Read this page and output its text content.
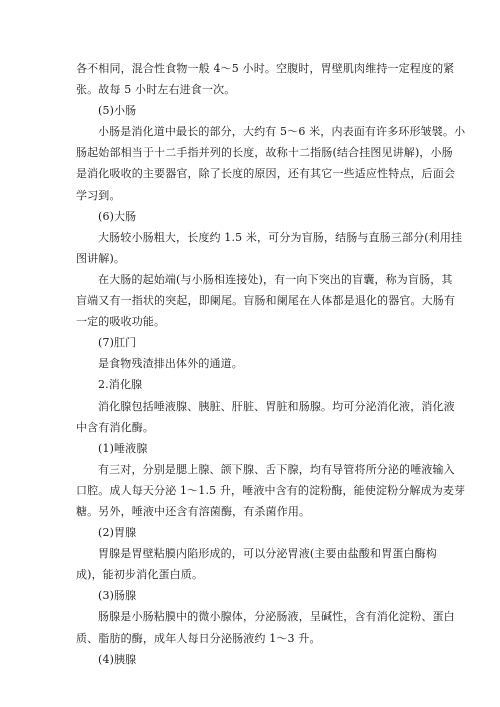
各不相同，混合性食物一般 4～5 小时。空腹时，胃壁肌肉维持一定程度的紧
张。故每 5 小时左右进食一次。
(5)小肠
小肠是消化道中最长的部分，大约有 5～6 米，内表面有许多环形皱襞。小
肠起始部相当于十二手指并列的长度，故称十二指肠(结合挂图见讲解)，小肠
是消化吸收的主要器官，除了长度的原因，还有其它一些适应性特点，后面会
学习到。
(6)大肠
大肠较小肠粗大，长度约 1.5 米，可分为盲肠，结肠与直肠三部分(利用挂
图讲解)。
在大肠的起始端(与小肠相连接处)，有一向下突出的盲囊，称为盲肠，其
盲端又有一指状的突起，即阑尾。盲肠和阑尾在人体都是退化的器官。大肠有
一定的吸收功能。
(7)肛门
是食物残渣排出体外的通道。
2.消化腺
消化腺包括唾液腺、胰脏、肝脏、胃脏和肠腺。均可分泌消化液，消化液
中含有消化酶。
(1)唾液腺
有三对，分别是腮上腺、颌下腺、舌下腺，均有导管将所分泌的唾液输入
口腔。成人每天分泌 1～1.5 升，唾液中含有的淀粉酶，能使淀粉分解成为麦芽
糖。另外，唾液中还含有溶菌酶，有杀菌作用。
(2)胃腺
胃腺是胃壁粘膜内陷形成的，可以分泌胃液(主要由盐酸和胃蛋白酶构
成)，能初步消化蛋白质。
(3)肠腺
肠腺是小肠粘膜中的微小腺体，分泌肠液，呈碱性，含有消化淀粉、蛋白
质、脂肪的酶，成年人每日分泌肠液约 1～3 升。
(4)胰腺
